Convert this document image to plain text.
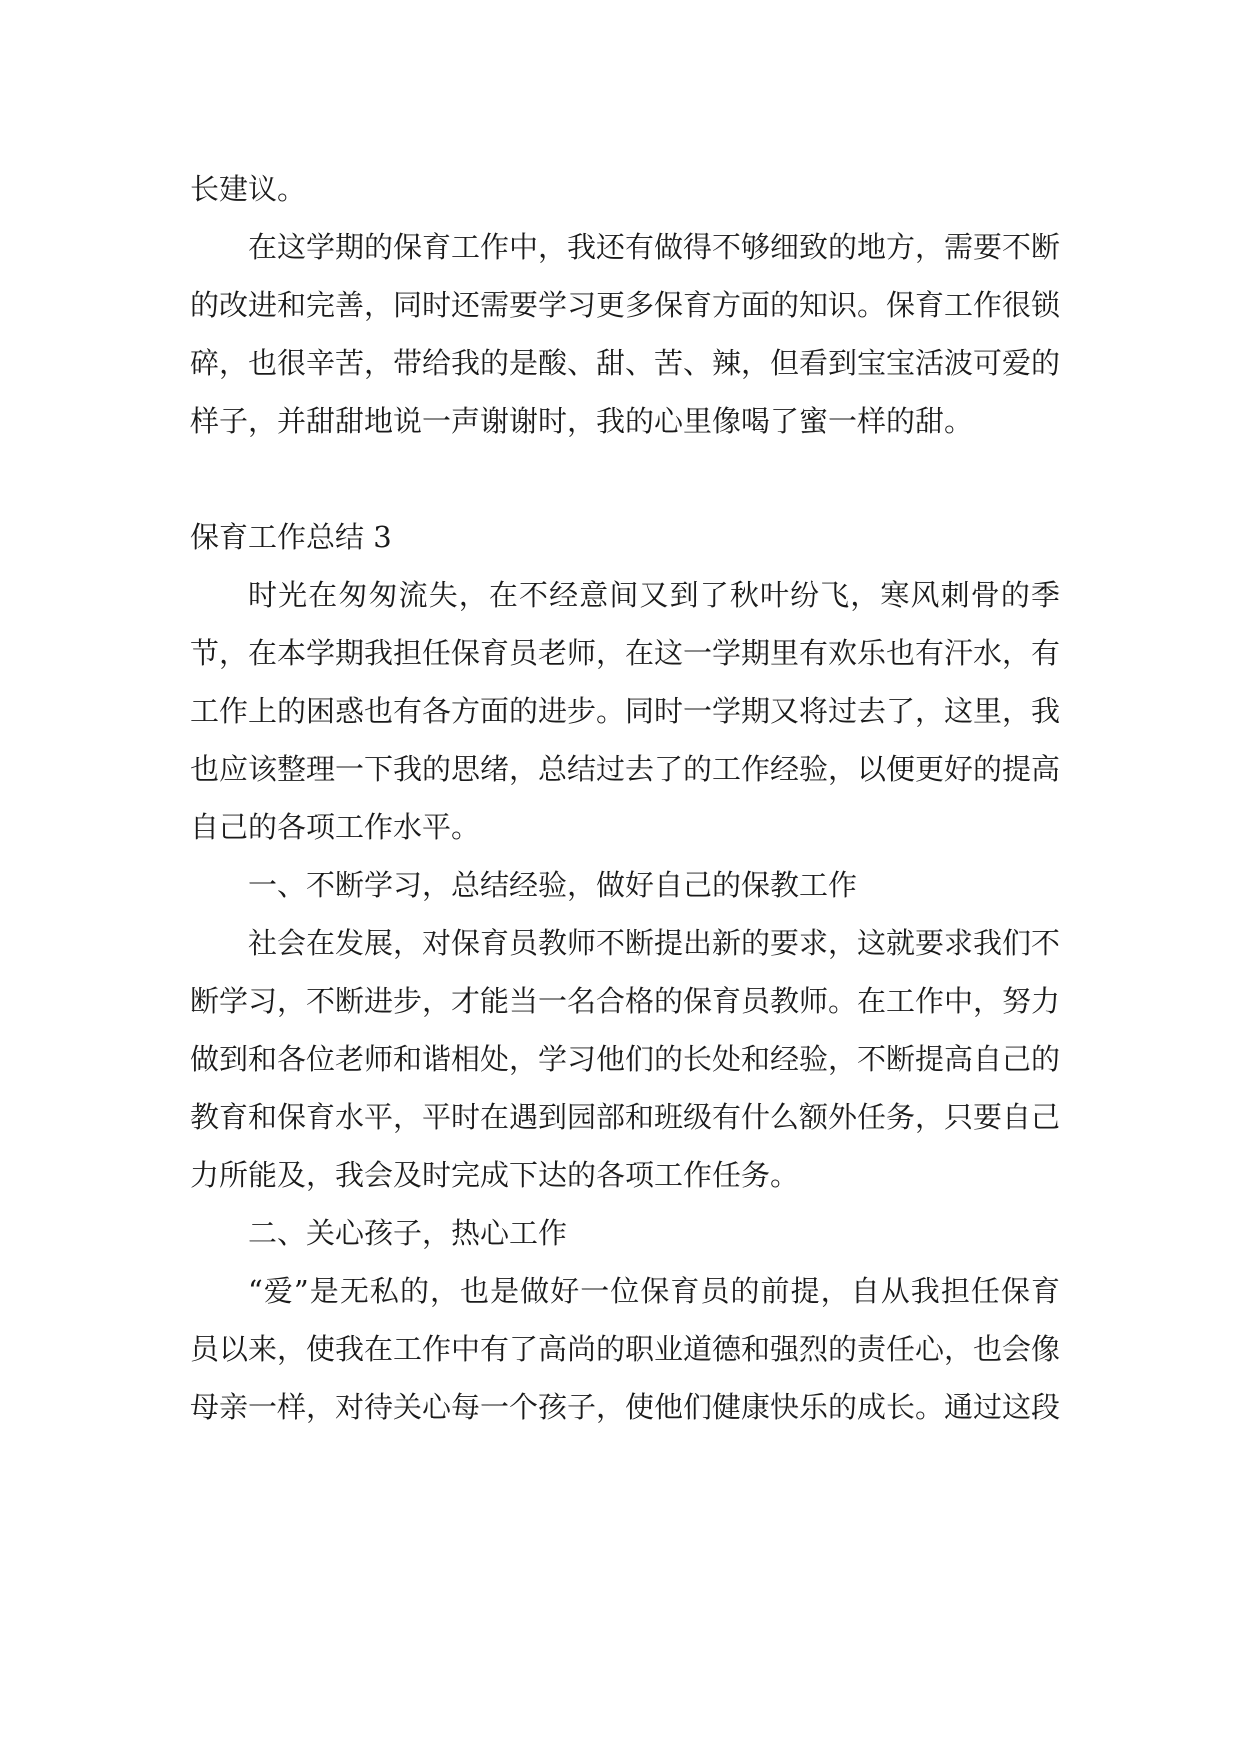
长建议。

在这学期的保育工作中，我还有做得不够细致的地方，需要不断的改进和完善，同时还需要学习更多保育方面的知识。保育工作很锁碎，也很辛苦，带给我的是酸、甜、苦、辣，但看到宝宝活波可爱的样子，并甜甜地说一声谢谢时，我的心里像喝了蜜一样的甜。

保育工作总结 3

时光在匆匆流失，在不经意间又到了秋叶纷飞，寒风刺骨的季节，在本学期我担任保育员老师，在这一学期里有欢乐也有汗水，有工作上的困惑也有各方面的进步。同时一学期又将过去了，这里，我也应该整理一下我的思绪，总结过去了的工作经验，以便更好的提高自己的各项工作水平。

一、不断学习，总结经验，做好自己的保教工作

社会在发展，对保育员教师不断提出新的要求，这就要求我们不断学习，不断进步，才能当一名合格的保育员教师。在工作中，努力做到和各位老师和谐相处，学习他们的长处和经验，不断提高自己的教育和保育水平，平时在遇到园部和班级有什么额外任务，只要自己力所能及，我会及时完成下达的各项工作任务。

二、关心孩子，热心工作

“爱”是无私的，也是做好一位保育员的前提，自从我担任保育员以来，使我在工作中有了高尚的职业道德和强烈的责任心，也会像母亲一样，对待关心每一个孩子，使他们健康快乐的成长。通过这段
